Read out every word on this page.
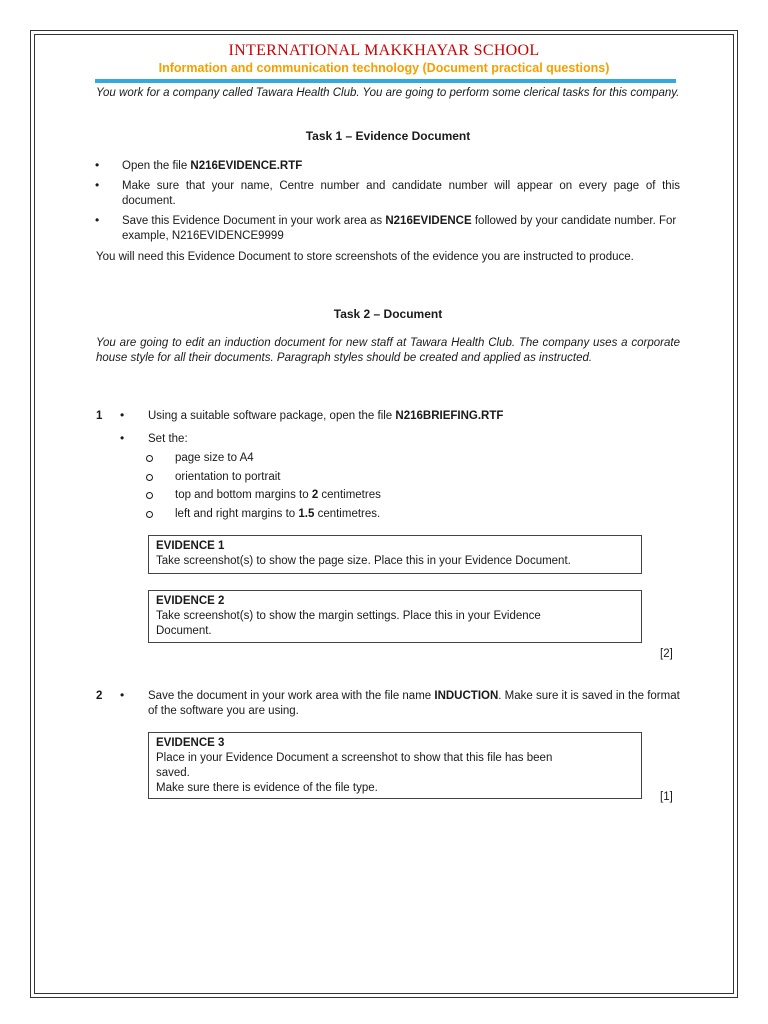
INTERNATIONAL MAKKHAYAR SCHOOL
Information and communication technology (Document practical questions)
You work for a company called Tawara Health Club. You are going to perform some clerical tasks for this company.
Task 1 – Evidence Document
• Open the file N216EVIDENCE.RTF
• Make sure that your name, Centre number and candidate number will appear on every page of this document.
• Save this Evidence Document in your work area as N216EVIDENCE followed by your candidate number. For example, N216EVIDENCE9999
You will need this Evidence Document to store screenshots of the evidence you are instructed to produce.
Task 2 – Document
You are going to edit an induction document for new staff at Tawara Health Club. The company uses a corporate house style for all their documents. Paragraph styles should be created and applied as instructed.
1 • Using a suitable software package, open the file N216BRIEFING.RTF
• Set the:
page size to A4
orientation to portrait
top and bottom margins to 2 centimetres
left and right margins to 1.5 centimetres.
EVIDENCE 1
Take screenshot(s) to show the page size. Place this in your Evidence Document.
EVIDENCE 2
Take screenshot(s) to show the margin settings. Place this in your Evidence
Document.
[2]
2 • Save the document in your work area with the file name INDUCTION. Make sure it is saved in the format of the software you are using.
EVIDENCE 3
Place in your Evidence Document a screenshot to show that this file has been
saved.
Make sure there is evidence of the file type.
[1]
